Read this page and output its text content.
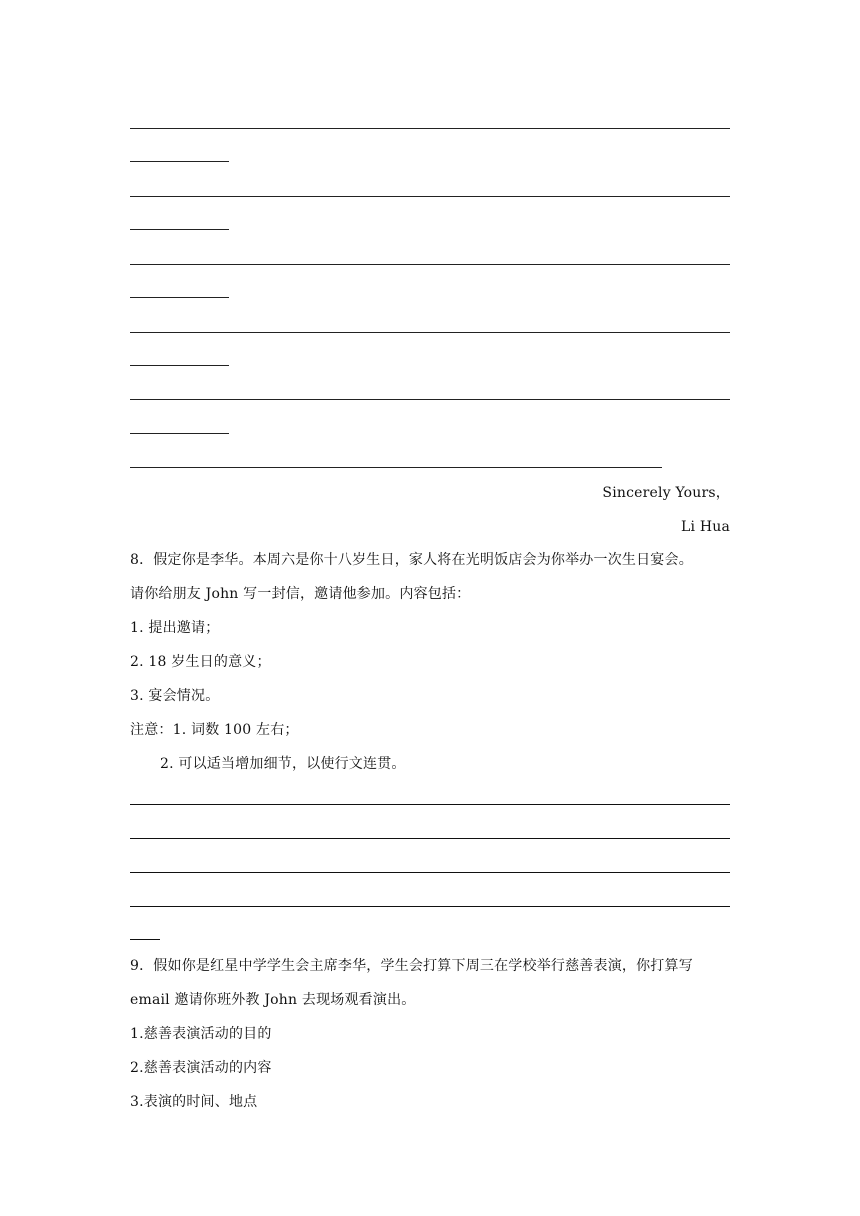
Sincerely Yours，
Li Hua
8．假定你是李华。本周六是你十八岁生日，家人将在光明饭店会为你举办一次生日宴会。
请你给朋友 John 写一封信，邀请他参加。内容包括：
1. 提出邀请；
2. 18 岁生日的意义；
3. 宴会情况。
注意：1. 词数 100 左右；
2. 可以适当增加细节，以使行文连贯。
9．假如你是红星中学学生会主席李华，学生会打算下周三在学校举行慈善表演，你打算写
email 邀请你班外教 John 去现场观看演出。
1.慈善表演活动的目的
2.慈善表演活动的内容
3.表演的时间、地点
